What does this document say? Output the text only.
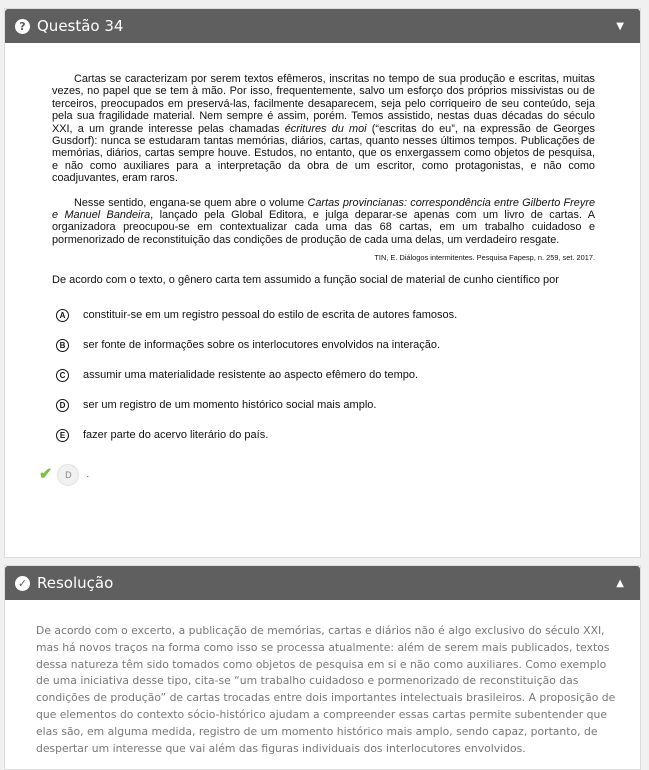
? Questão 34	▼

Cartas se caracterizam por serem textos efêmeros, inscritas no tempo de sua produção e escritas, muitas vezes, no papel que se tem à mão. Por isso, frequentemente, salvo um esforço dos próprios missivistas ou de terceiros, preocupados em preservá-las, facilmente desaparecem, seja pelo corriqueiro de seu conteúdo, seja pela sua fragilidade material. Nem sempre é assim, porém. Temos assistido, nestas duas décadas do século XXI, a um grande interesse pelas chamadas écritures du moi (“escritas do eu”, na expressão de Georges Gusdorf): nunca se estudaram tantas memórias, diários, cartas, quanto nesses últimos tempos. Publicações de memórias, diários, cartas sempre houve. Estudos, no entanto, que os enxergassem como objetos de pesquisa, e não como auxiliares para a interpretação da obra de um escritor, como protagonistas, e não como coadjuvantes, eram raros.

Nesse sentido, engana-se quem abre o volume Cartas provincianas: correspondência entre Gilberto Freyre e Manuel Bandeira, lançado pela Global Editora, e julga deparar-se apenas com um livro de cartas. A organizadora preocupou-se em contextualizar cada uma das 68 cartas, em um trabalho cuidadoso e pormenorizado de reconstituição das condições de produção de cada uma delas, um verdadeiro resgate.

TIN, E. Diálogos intermitentes. Pesquisa Fapesp, n. 259, set. 2017.
De acordo com o texto, o gênero carta tem assumido a função social de material de cunho científico por
A	constituir-se em um registro pessoal do estilo de escrita de autores famosos.
B	ser fonte de informações sobre os interlocutores envolvidos na interação.
C	assumir uma materialidade resistente ao aspecto efêmero do tempo.
D	ser um registro de um momento histórico social mais amplo.
E	fazer parte do acervo literário do país.
✔	D	.
✓ Resolução	▲

De acordo com o excerto, a publicação de memórias, cartas e diários não é algo exclusivo do século XXI, mas há novos traços na forma como isso se processa atualmente: além de serem mais publicados, textos dessa natureza têm sido tomados como objetos de pesquisa em si e não como auxiliares. Como exemplo de uma iniciativa desse tipo, cita-se “um trabalho cuidadoso e pormenorizado de reconstituição das condições de produção” de cartas trocadas entre dois importantes intelectuais brasileiros. A proposição de que elementos do contexto sócio-histórico ajudam a compreender essas cartas permite subentender que elas são, em alguma medida, registro de um momento histórico mais amplo, sendo capaz, portanto, de despertar um interesse que vai além das figuras individuais dos interlocutores envolvidos.
